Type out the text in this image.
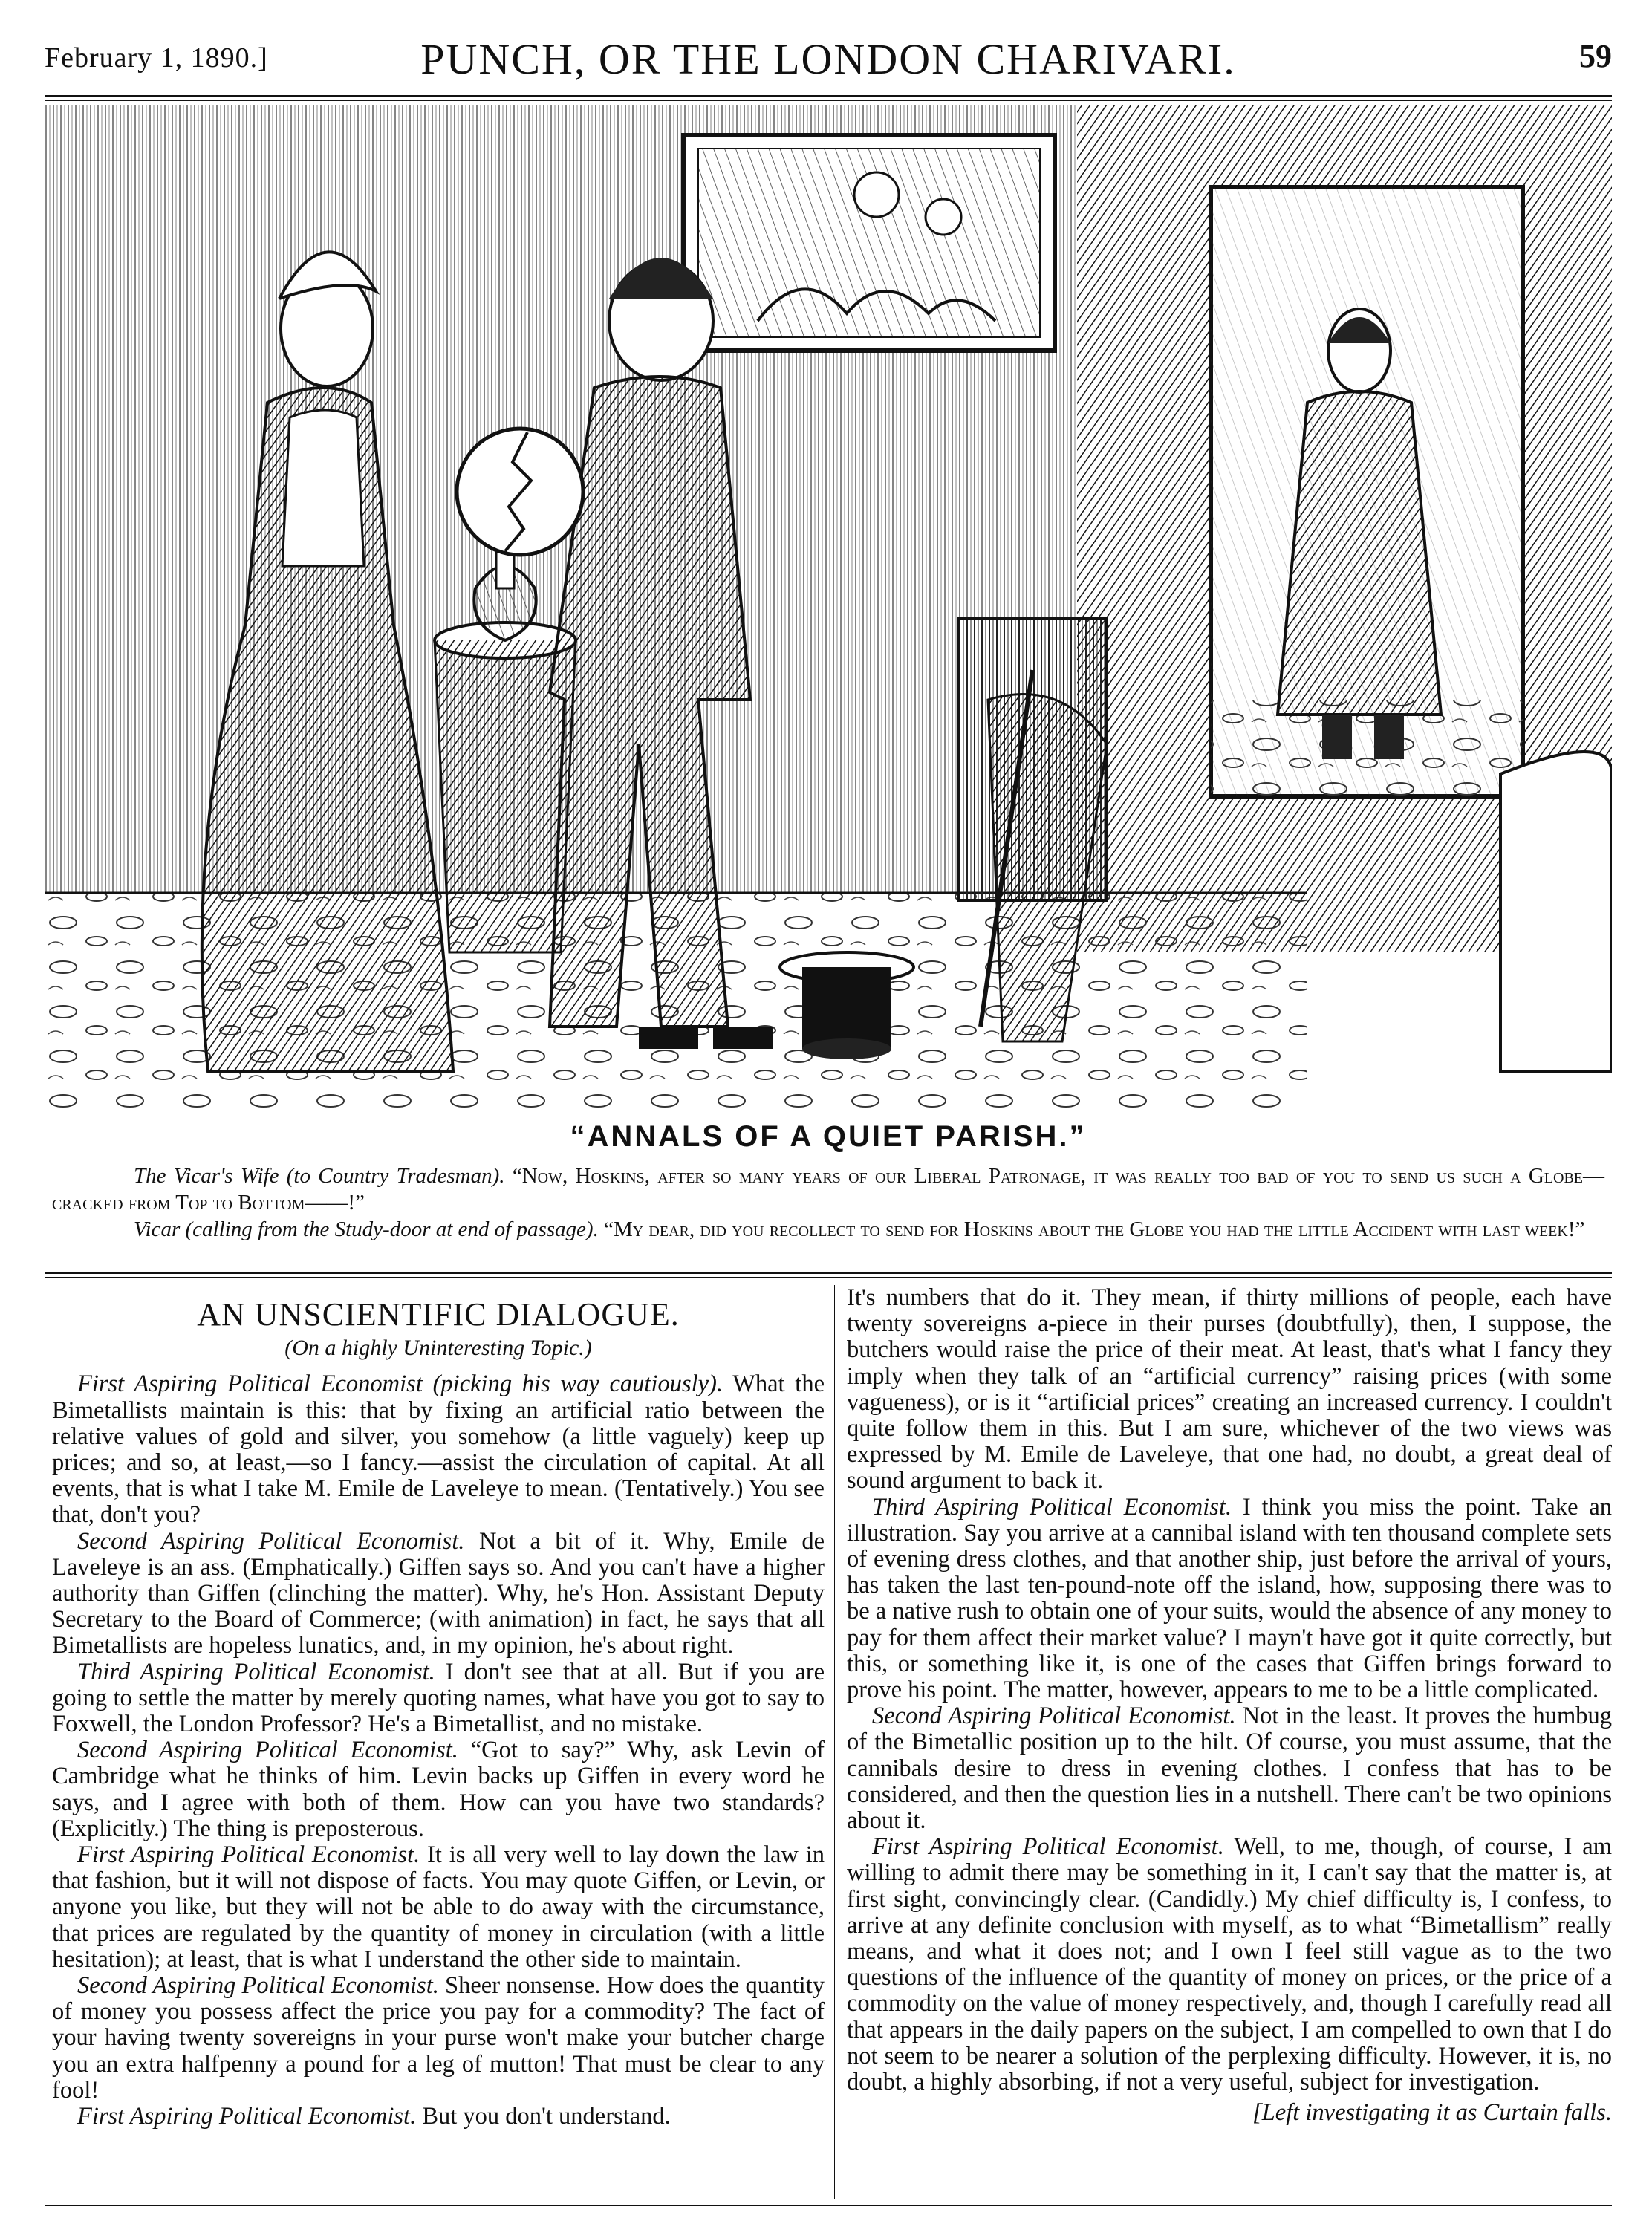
February 1, 1890.]	PUNCH, OR THE LONDON CHARIVARI.	59
“ANNALS OF A QUIET PARISH.”

The Vicar's Wife (to Country Tradesman). “Now, Hoskins, after so many years of our Liberal Patronage, it was really too bad of you to send us such a Globe—cracked from Top to Bottom——!”

Vicar (calling from the Study-door at end of passage). “My dear, did you recollect to send for Hoskins about the Globe you had the little Accident with last week!”

AN UNSCIENTIFIC DIALOGUE.
(On a highly Uninteresting Topic.)

First Aspiring Political Economist (picking his way cautiously). What the Bimetallists maintain is this: that by fixing an artificial ratio between the relative values of gold and silver, you somehow (a little vaguely) keep up prices; and so, at least,—so I fancy.—assist the circulation of capital. At all events, that is what I take M. Emile de Laveleye to mean. (Tentatively.) You see that, don't you?

Second Aspiring Political Economist. Not a bit of it. Why, Emile de Laveleye is an ass. (Emphatically.) Giffen says so. And you can't have a higher authority than Giffen (clinching the matter). Why, he's Hon. Assistant Deputy Secretary to the Board of Commerce; (with animation) in fact, he says that all Bimetallists are hopeless lunatics, and, in my opinion, he's about right.

Third Aspiring Political Economist. I don't see that at all. But if you are going to settle the matter by merely quoting names, what have you got to say to Foxwell, the London Professor? He's a Bimetallist, and no mistake.

Second Aspiring Political Economist. “Got to say?” Why, ask Levin of Cambridge what he thinks of him. Levin backs up Giffen in every word he says, and I agree with both of them. How can you have two standards? (Explicitly.) The thing is preposterous.

First Aspiring Political Economist. It is all very well to lay down the law in that fashion, but it will not dispose of facts. You may quote Giffen, or Levin, or anyone you like, but they will not be able to do away with the circumstance, that prices are regulated by the quantity of money in circulation (with a little hesitation); at least, that is what I understand the other side to maintain.

Second Aspiring Political Economist. Sheer nonsense. How does the quantity of money you possess affect the price you pay for a commodity? The fact of your having twenty sovereigns in your purse won't make your butcher charge you an extra halfpenny a pound for a leg of mutton! That must be clear to any fool!

First Aspiring Political Economist. But you don't understand.

It's numbers that do it. They mean, if thirty millions of people, each have twenty sovereigns a-piece in their purses (doubtfully), then, I suppose, the butchers would raise the price of their meat. At least, that's what I fancy they imply when they talk of an “artificial currency” raising prices (with some vagueness), or is it “artificial prices” creating an increased currency. I couldn't quite follow them in this. But I am sure, whichever of the two views was expressed by M. Emile de Laveleye, that one had, no doubt, a great deal of sound argument to back it.

Third Aspiring Political Economist. I think you miss the point. Take an illustration. Say you arrive at a cannibal island with ten thousand complete sets of evening dress clothes, and that another ship, just before the arrival of yours, has taken the last ten-pound-note off the island, how, supposing there was to be a native rush to obtain one of your suits, would the absence of any money to pay for them affect their market value? I mayn't have got it quite correctly, but this, or something like it, is one of the cases that Giffen brings forward to prove his point. The matter, however, appears to me to be a little complicated.

Second Aspiring Political Economist. Not in the least. It proves the humbug of the Bimetallic position up to the hilt. Of course, you must assume, that the cannibals desire to dress in evening clothes. I confess that has to be considered, and then the question lies in a nutshell. There can't be two opinions about it.

First Aspiring Political Economist. Well, to me, though, of course, I am willing to admit there may be something in it, I can't say that the matter is, at first sight, convincingly clear. (Candidly.) My chief difficulty is, I confess, to arrive at any definite conclusion with myself, as to what “Bimetallism” really means, and what it does not; and I own I feel still vague as to the two questions of the influence of the quantity of money on prices, or the price of a commodity on the value of money respectively, and, though I carefully read all that appears in the daily papers on the subject, I am compelled to own that I do not seem to be nearer a solution of the perplexing difficulty. However, it is, no doubt, a highly absorbing, if not a very useful, subject for investigation.

[Left investigating it as Curtain falls.
